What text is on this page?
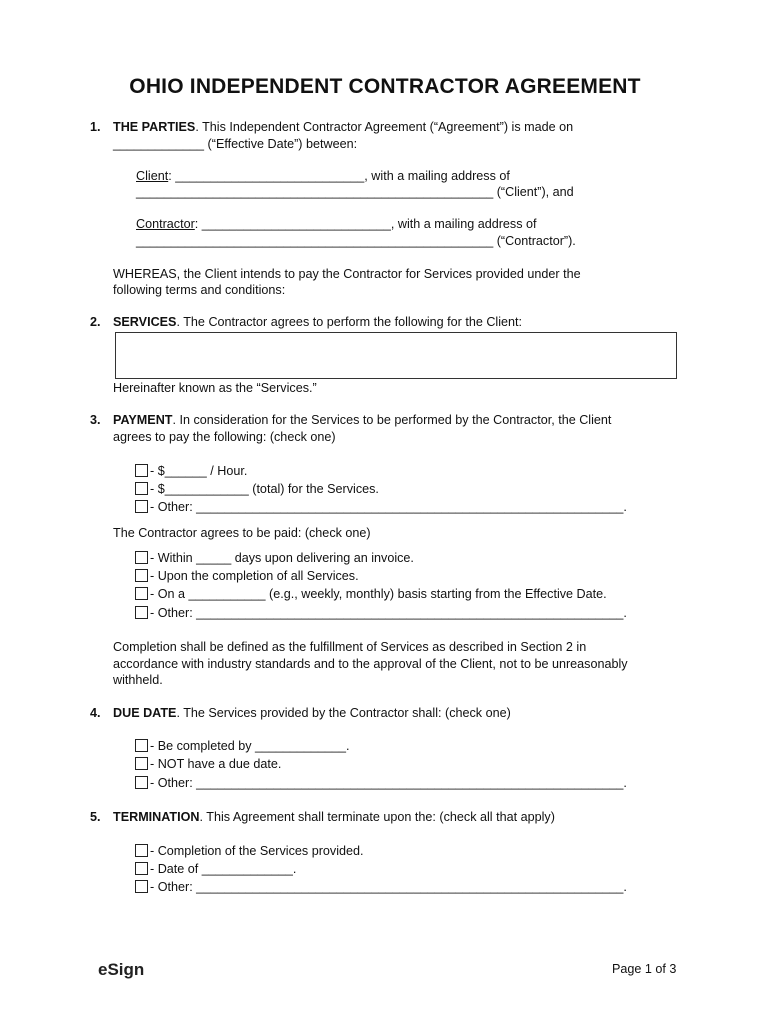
OHIO INDEPENDENT CONTRACTOR AGREEMENT
1. THE PARTIES. This Independent Contractor Agreement (“Agreement”) is made on
_____________ (“Effective Date”) between:
Client: ___________________________, with a mailing address of
___________________________________________________ (“Client”), and
Contractor: ___________________________, with a mailing address of
___________________________________________________ (“Contractor”).
WHEREAS, the Client intends to pay the Contractor for Services provided under the
following terms and conditions:
2. SERVICES. The Contractor agrees to perform the following for the Client:
Hereinafter known as the “Services.”
3. PAYMENT. In consideration for the Services to be performed by the Contractor, the Client
agrees to pay the following: (check one)
- $______ / Hour.
- $____________ (total) for the Services.
- Other: _____________________________________________________________.
The Contractor agrees to be paid: (check one)
- Within _____ days upon delivering an invoice.
- Upon the completion of all Services.
- On a ___________ (e.g., weekly, monthly) basis starting from the Effective Date.
- Other: _____________________________________________________________.
Completion shall be defined as the fulfillment of Services as described in Section 2 in
accordance with industry standards and to the approval of the Client, not to be unreasonably
withheld.
4. DUE DATE. The Services provided by the Contractor shall: (check one)
- Be completed by _____________.
- NOT have a due date.
- Other: _____________________________________________________________.
5. TERMINATION. This Agreement shall terminate upon the: (check all that apply)
- Completion of the Services provided.
- Date of _____________.
- Other: _____________________________________________________________.
eSign	Page 1 of 3
